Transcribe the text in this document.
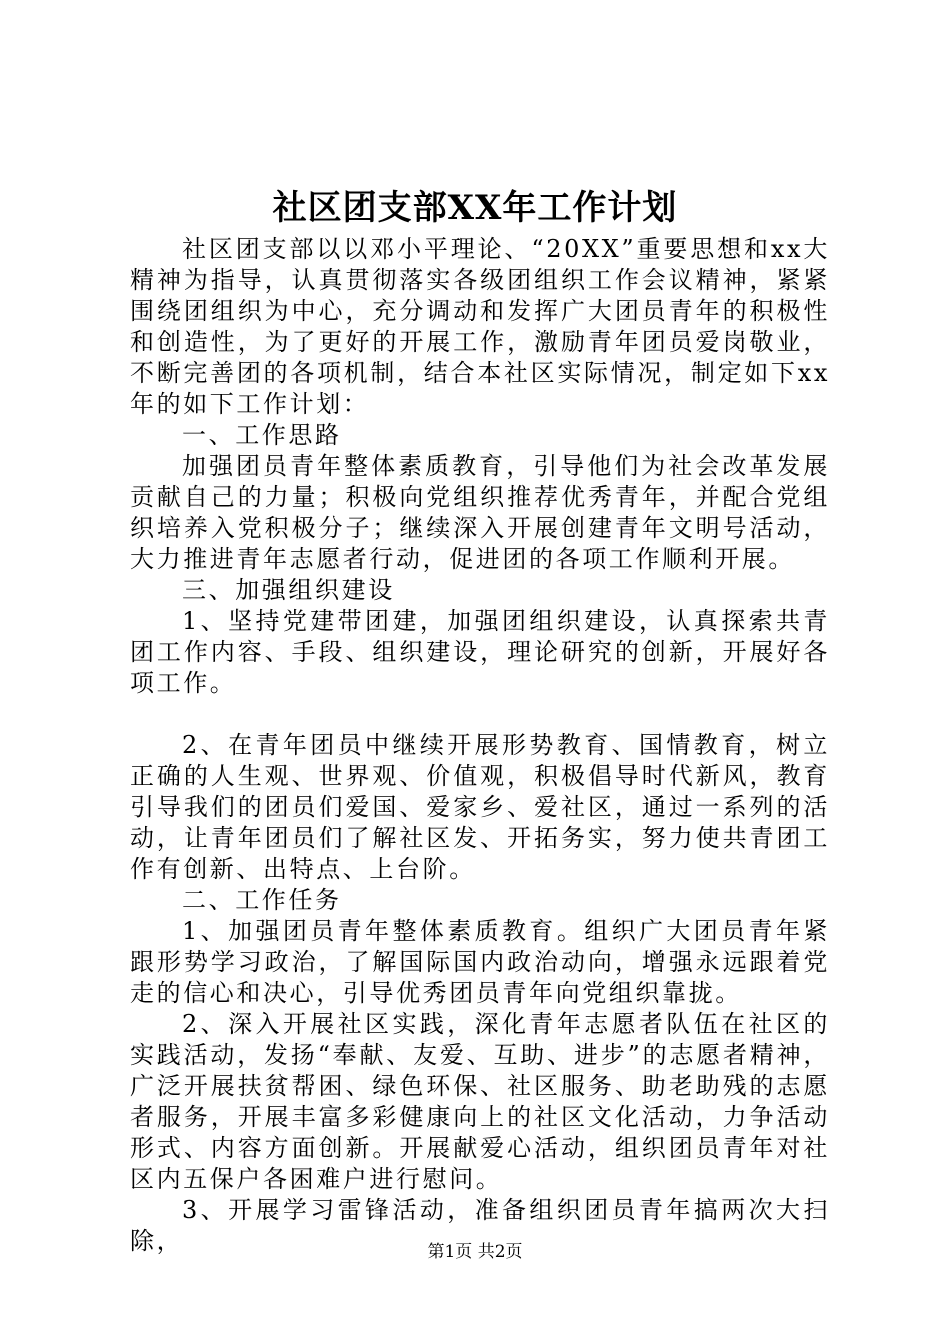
社区团支部XX年工作计划

社区团支部以以邓小平理论、“20XX”重要思想和xx大精神为指导，认真贯彻落实各级团组织工作会议精神，紧紧围绕团组织为中心，充分调动和发挥广大团员青年的积极性和创造性，为了更好的开展工作，激励青年团员爱岗敬业，不断完善团的各项机制，结合本社区实际情况，制定如下xx年的如下工作计划：

一、工作思路

加强团员青年整体素质教育，引导他们为社会改革发展贡献自己的力量；积极向党组织推荐优秀青年，并配合党组织培养入党积极分子；继续深入开展创建青年文明号活动，大力推进青年志愿者行动，促进团的各项工作顺利开展。

三、加强组织建设

1、坚持党建带团建，加强团组织建设，认真探索共青团工作内容、手段、组织建设，理论研究的创新，开展好各项工作。

2、在青年团员中继续开展形势教育、国情教育，树立正确的人生观、世界观、价值观，积极倡导时代新风，教育引导我们的团员们爱国、爱家乡、爱社区，通过一系列的活动，让青年团员们了解社区发、开拓务实，努力使共青团工作有创新、出特点、上台阶。

二、工作任务

1、加强团员青年整体素质教育。组织广大团员青年紧跟形势学习政治，了解国际国内政治动向，增强永远跟着党走的信心和决心，引导优秀团员青年向党组织靠拢。

2、深入开展社区实践，深化青年志愿者队伍在社区的实践活动，发扬“奉献、友爱、互助、进步”的志愿者精神，广泛开展扶贫帮困、绿色环保、社区服务、助老助残的志愿者服务，开展丰富多彩健康向上的社区文化活动，力争活动形式、内容方面创新。开展献爱心活动，组织团员青年对社区内五保户各困难户进行慰问。

3、开展学习雷锋活动，准备组织团员青年搞两次大扫除，	第1页 共2页
